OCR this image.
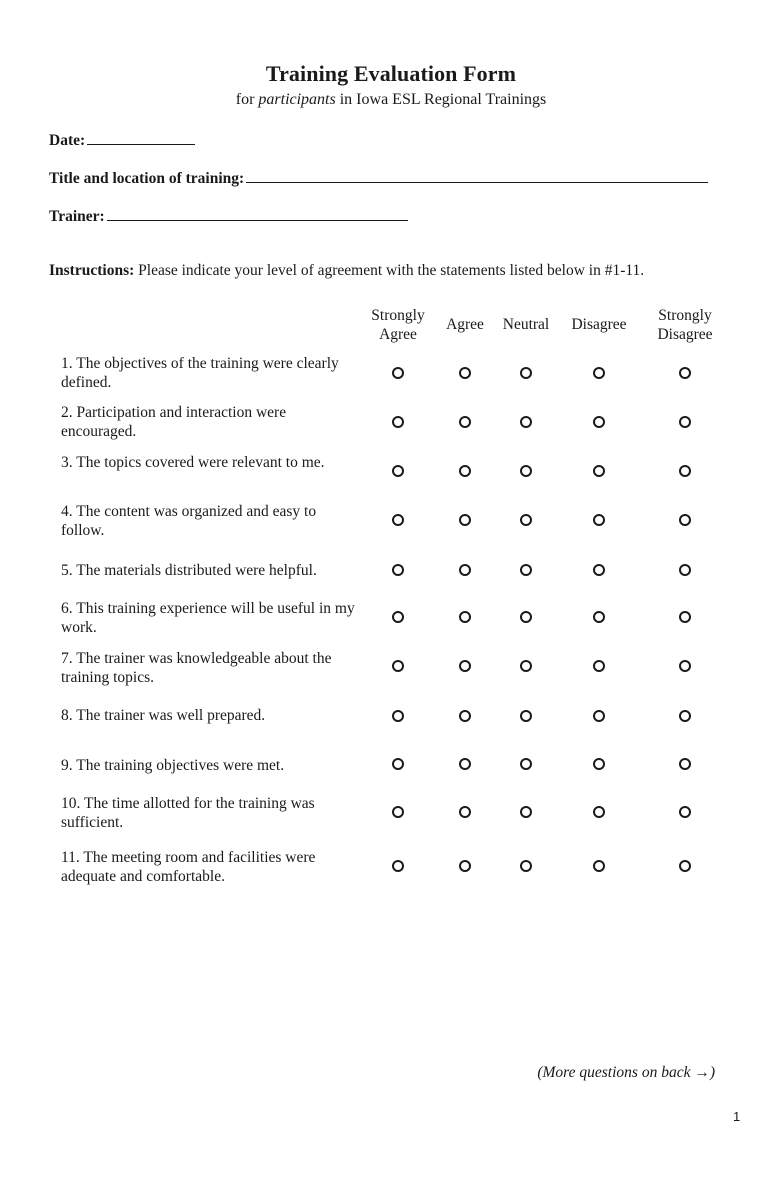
Training Evaluation Form
for participants in Iowa ESL Regional Trainings
Date:
Title and location of training:
Trainer:
Instructions: Please indicate your level of agreement with the statements listed below in #1-11.
Strongly
Agree
Agree Neutral Disagree
Strongly
Disagree
1. The objectives of the training were clearly defined.
2. Participation and interaction were encouraged.
3. The topics covered were relevant to me.
4. The content was organized and easy to follow.
5. The materials distributed were helpful.
6. This training experience will be useful in my work.
7. The trainer was knowledgeable about the training topics.
8. The trainer was well prepared.
9. The training objectives were met.
10. The time allotted for the training was sufficient.
11. The meeting room and facilities were adequate and comfortable.
(More questions on back →)
1
